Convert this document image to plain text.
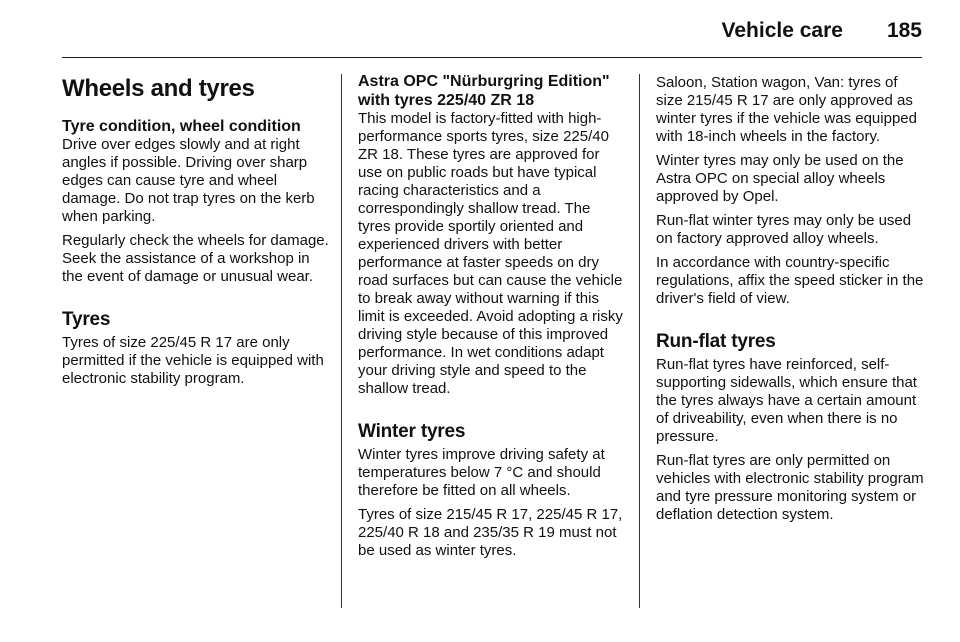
Vehicle care 185
Wheels and tyres
Tyre condition, wheel condition

Drive over edges slowly and at right angles if possible. Driving over sharp edges can cause tyre and wheel damage. Do not trap tyres on the kerb when parking.

Regularly check the wheels for damage. Seek the assistance of a workshop in the event of damage or unusual wear.

Tyres

Tyres of size 225/45 R 17 are only permitted if the vehicle is equipped with electronic stability program.

Astra OPC "Nürburgring Edition" with tyres 225/40 ZR 18

This model is factory-fitted with high-performance sports tyres, size 225/40 ZR 18. These tyres are approved for use on public roads but have typical racing characteristics and a correspondingly shallow tread. The tyres provide sportily oriented and experienced drivers with better performance at faster speeds on dry road surfaces but can cause the vehicle to break away without warning if this limit is exceeded. Avoid adopting a risky driving style because of this improved performance. In wet conditions adapt your driving style and speed to the shallow tread.

Winter tyres

Winter tyres improve driving safety at temperatures below 7 °C and should therefore be fitted on all wheels.

Tyres of size 215/45 R 17, 225/45 R 17, 225/40 R 18 and 235/35 R 19 must not be used as winter tyres.

Saloon, Station wagon, Van: tyres of size 215/45 R 17 are only approved as winter tyres if the vehicle was equipped with 18-inch wheels in the factory.

Winter tyres may only be used on the Astra OPC on special alloy wheels approved by Opel.

Run-flat winter tyres may only be used on factory approved alloy wheels.

In accordance with country-specific regulations, affix the speed sticker in the driver's field of view.

Run-flat tyres

Run-flat tyres have reinforced, self-supporting sidewalls, which ensure that the tyres always have a certain amount of driveability, even when there is no pressure.

Run-flat tyres are only permitted on vehicles with electronic stability program and tyre pressure monitoring system or deflation detection system.
